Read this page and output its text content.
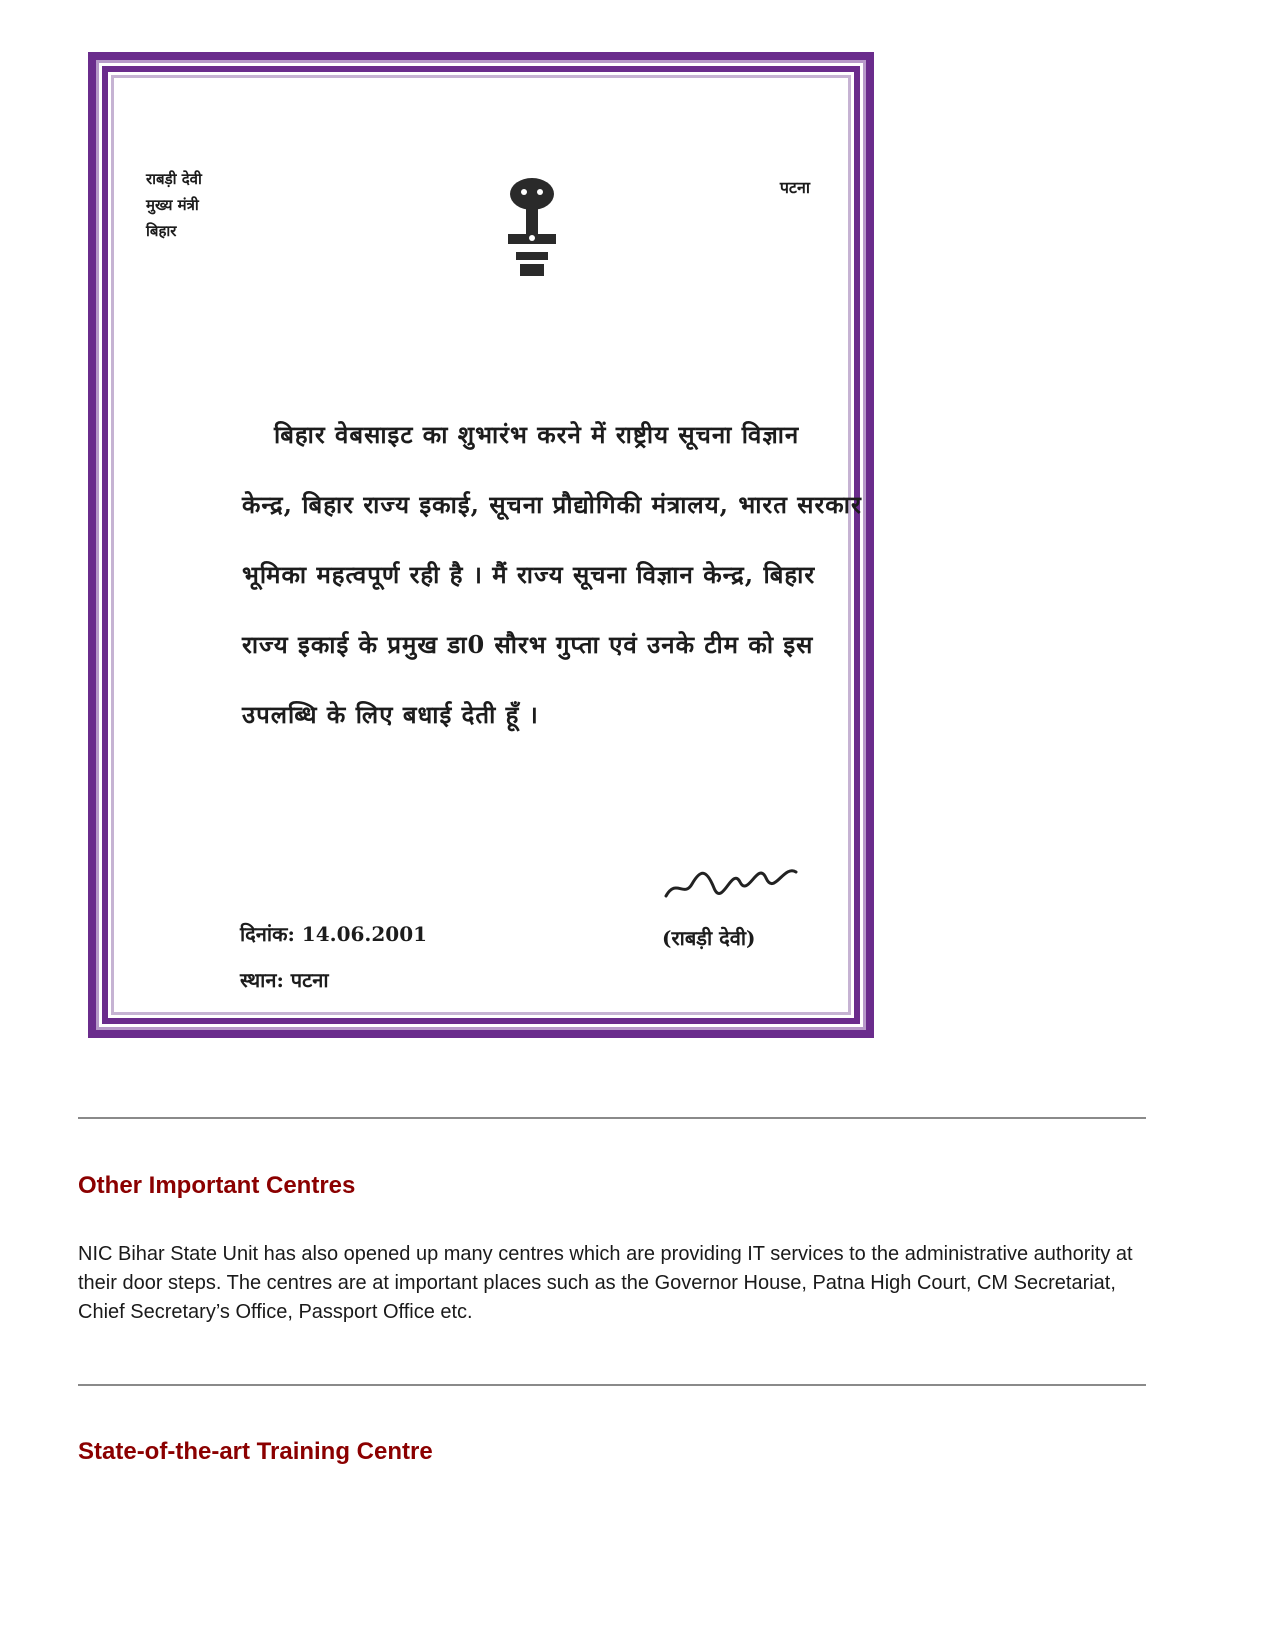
राबड़ी देवी
मुख्य मंत्री
बिहार
पटना
बिहार वेबसाइट का शुभारंभ करने में राष्ट्रीय सूचना विज्ञान
केन्द्र, बिहार राज्य इकाई, सूचना प्रौद्योगिकी मंत्रालय, भारत सरकार
भूमिका महत्वपूर्ण रही है । मैं राज्य सूचना विज्ञान केन्द्र, बिहार
राज्य इकाई के प्रमुख डा0 सौरभ गुप्ता एवं उनके टीम को इस
उपलब्धि के लिए बधाई देती हूँ ।
दिनांक: 14.06.2001	(राबड़ी देवी)
स्थान: पटना
Other Important Centres

NIC Bihar State Unit has also opened up many centres which are providing IT services to the administrative authority at their door steps. The centres are at important places such as the Governor House, Patna High Court, CM Secretariat, Chief Secretary’s Office, Passport Office etc.

State-of-the-art Training Centre
